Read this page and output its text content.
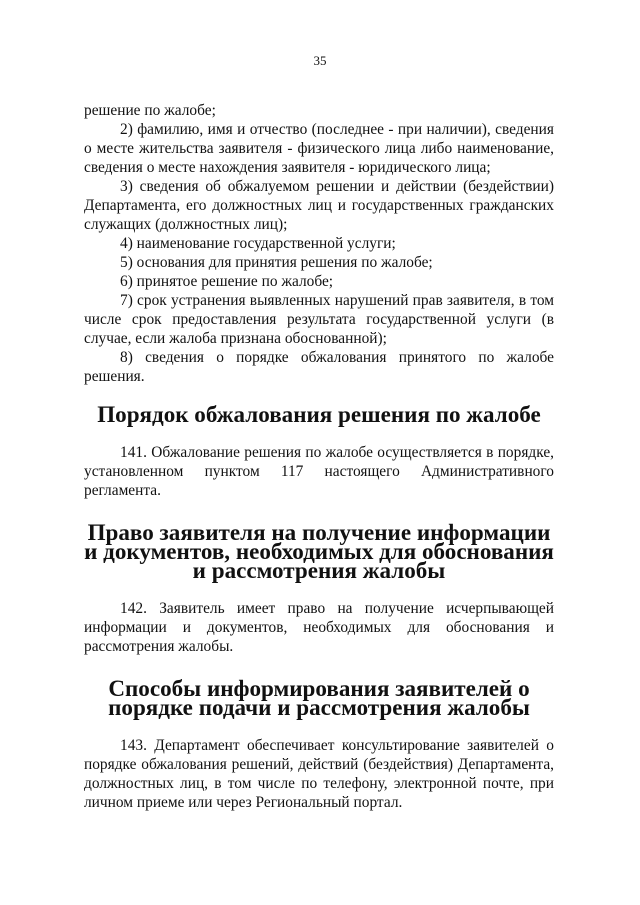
35

решение по жалобе;

2) фамилию, имя и отчество (последнее - при наличии), сведения о месте жительства заявителя - физического лица либо наименование, сведения о месте нахождения заявителя - юридического лица;

3) сведения об обжалуемом решении и действии (бездействии) Департамента, его должностных лиц и государственных гражданских служащих (должностных лиц);

4) наименование государственной услуги;

5) основания для принятия решения по жалобе;

6) принятое решение по жалобе;

7) срок устранения выявленных нарушений прав заявителя, в том числе срок предоставления результата государственной услуги (в случае, если жалоба признана обоснованной);

8) сведения о порядке обжалования принятого по жалобе решения.

Порядок обжалования решения по жалобе

141. Обжалование решения по жалобе осуществляется в порядке, установленном пунктом 117 настоящего Административного регламента.

Право заявителя на получение информации и документов, необходимых для обоснования и рассмотрения жалобы

142. Заявитель имеет право на получение исчерпывающей информации и документов, необходимых для обоснования и рассмотрения жалобы.

Способы информирования заявителей о порядке подачи и рассмотрения жалобы

143. Департамент обеспечивает консультирование заявителей о порядке обжалования решений, действий (бездействия) Департамента, должностных лиц, в том числе по телефону, электронной почте, при личном приеме или через Региональный портал.
